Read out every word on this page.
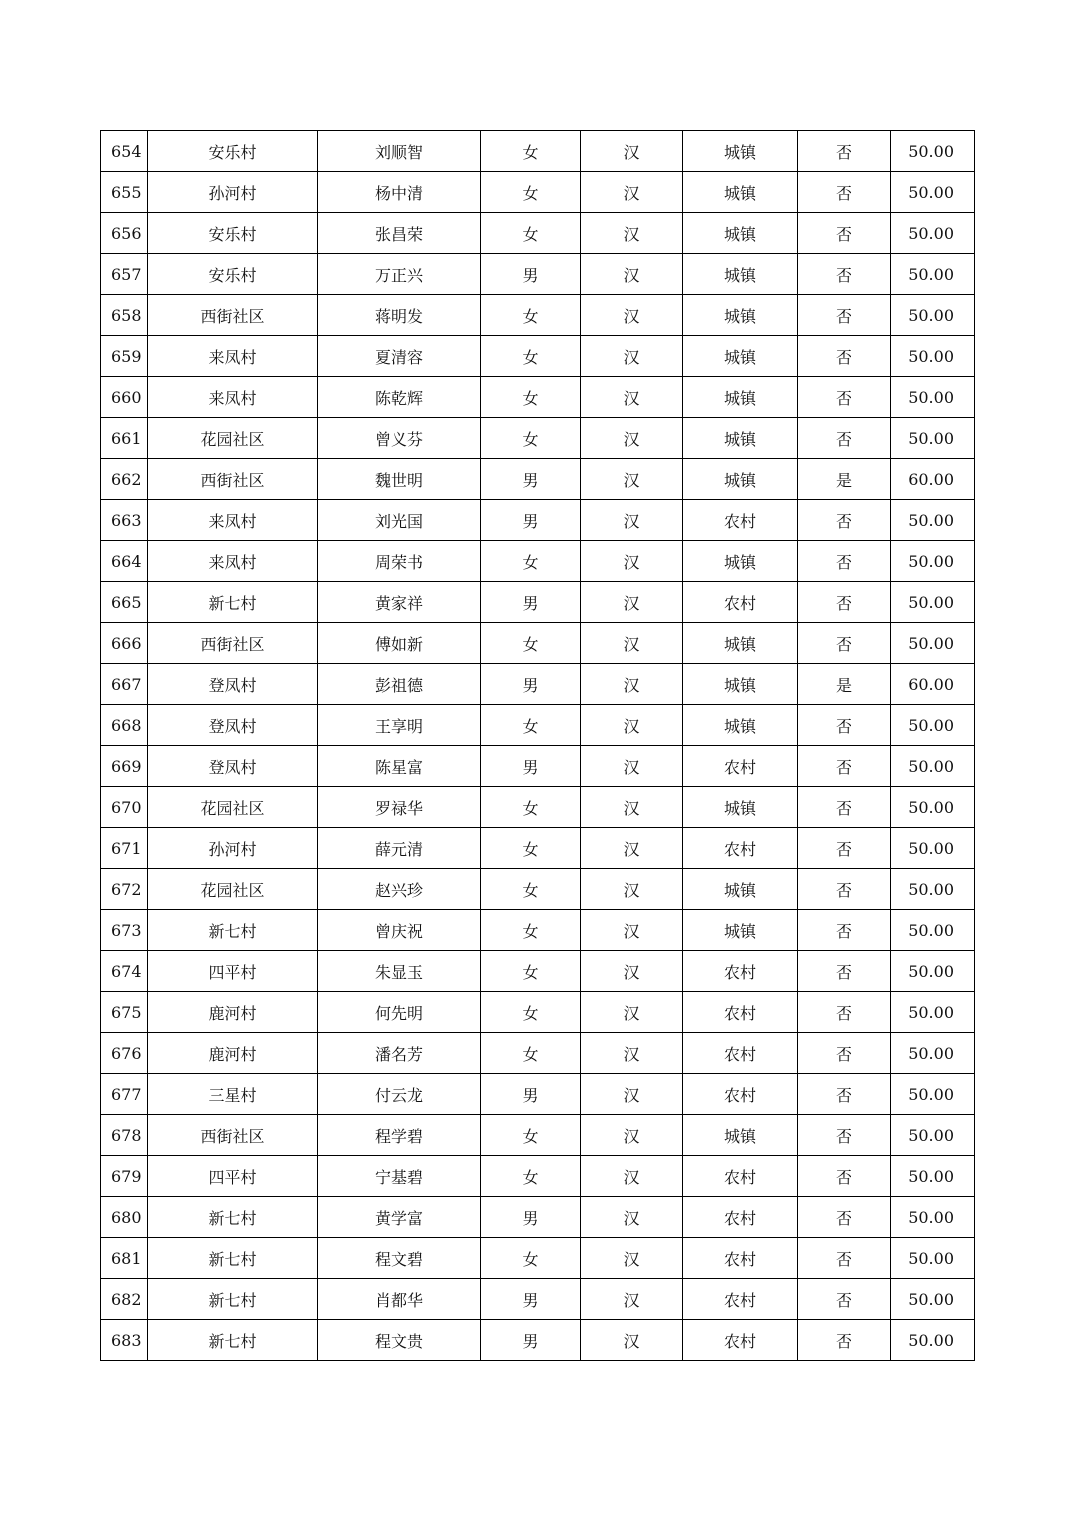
654	安乐村	刘顺智	女	汉	城镇	否	50.00
655	孙河村	杨中清	女	汉	城镇	否	50.00
656	安乐村	张昌荣	女	汉	城镇	否	50.00
657	安乐村	万正兴	男	汉	城镇	否	50.00
658	西街社区	蒋明发	女	汉	城镇	否	50.00
659	来凤村	夏清容	女	汉	城镇	否	50.00
660	来凤村	陈乾辉	女	汉	城镇	否	50.00
661	花园社区	曾义芬	女	汉	城镇	否	50.00
662	西街社区	魏世明	男	汉	城镇	是	60.00
663	来凤村	刘光国	男	汉	农村	否	50.00
664	来凤村	周荣书	女	汉	城镇	否	50.00
665	新七村	黄家祥	男	汉	农村	否	50.00
666	西街社区	傅如新	女	汉	城镇	否	50.00
667	登凤村	彭祖德	男	汉	城镇	是	60.00
668	登凤村	王享明	女	汉	城镇	否	50.00
669	登凤村	陈星富	男	汉	农村	否	50.00
670	花园社区	罗禄华	女	汉	城镇	否	50.00
671	孙河村	薛元清	女	汉	农村	否	50.00
672	花园社区	赵兴珍	女	汉	城镇	否	50.00
673	新七村	曾庆祝	女	汉	城镇	否	50.00
674	四平村	朱显玉	女	汉	农村	否	50.00
675	鹿河村	何先明	女	汉	农村	否	50.00
676	鹿河村	潘名芳	女	汉	农村	否	50.00
677	三星村	付云龙	男	汉	农村	否	50.00
678	西街社区	程学碧	女	汉	城镇	否	50.00
679	四平村	宁基碧	女	汉	农村	否	50.00
680	新七村	黄学富	男	汉	农村	否	50.00
681	新七村	程文碧	女	汉	农村	否	50.00
682	新七村	肖都华	男	汉	农村	否	50.00
683	新七村	程文贵	男	汉	农村	否	50.00
